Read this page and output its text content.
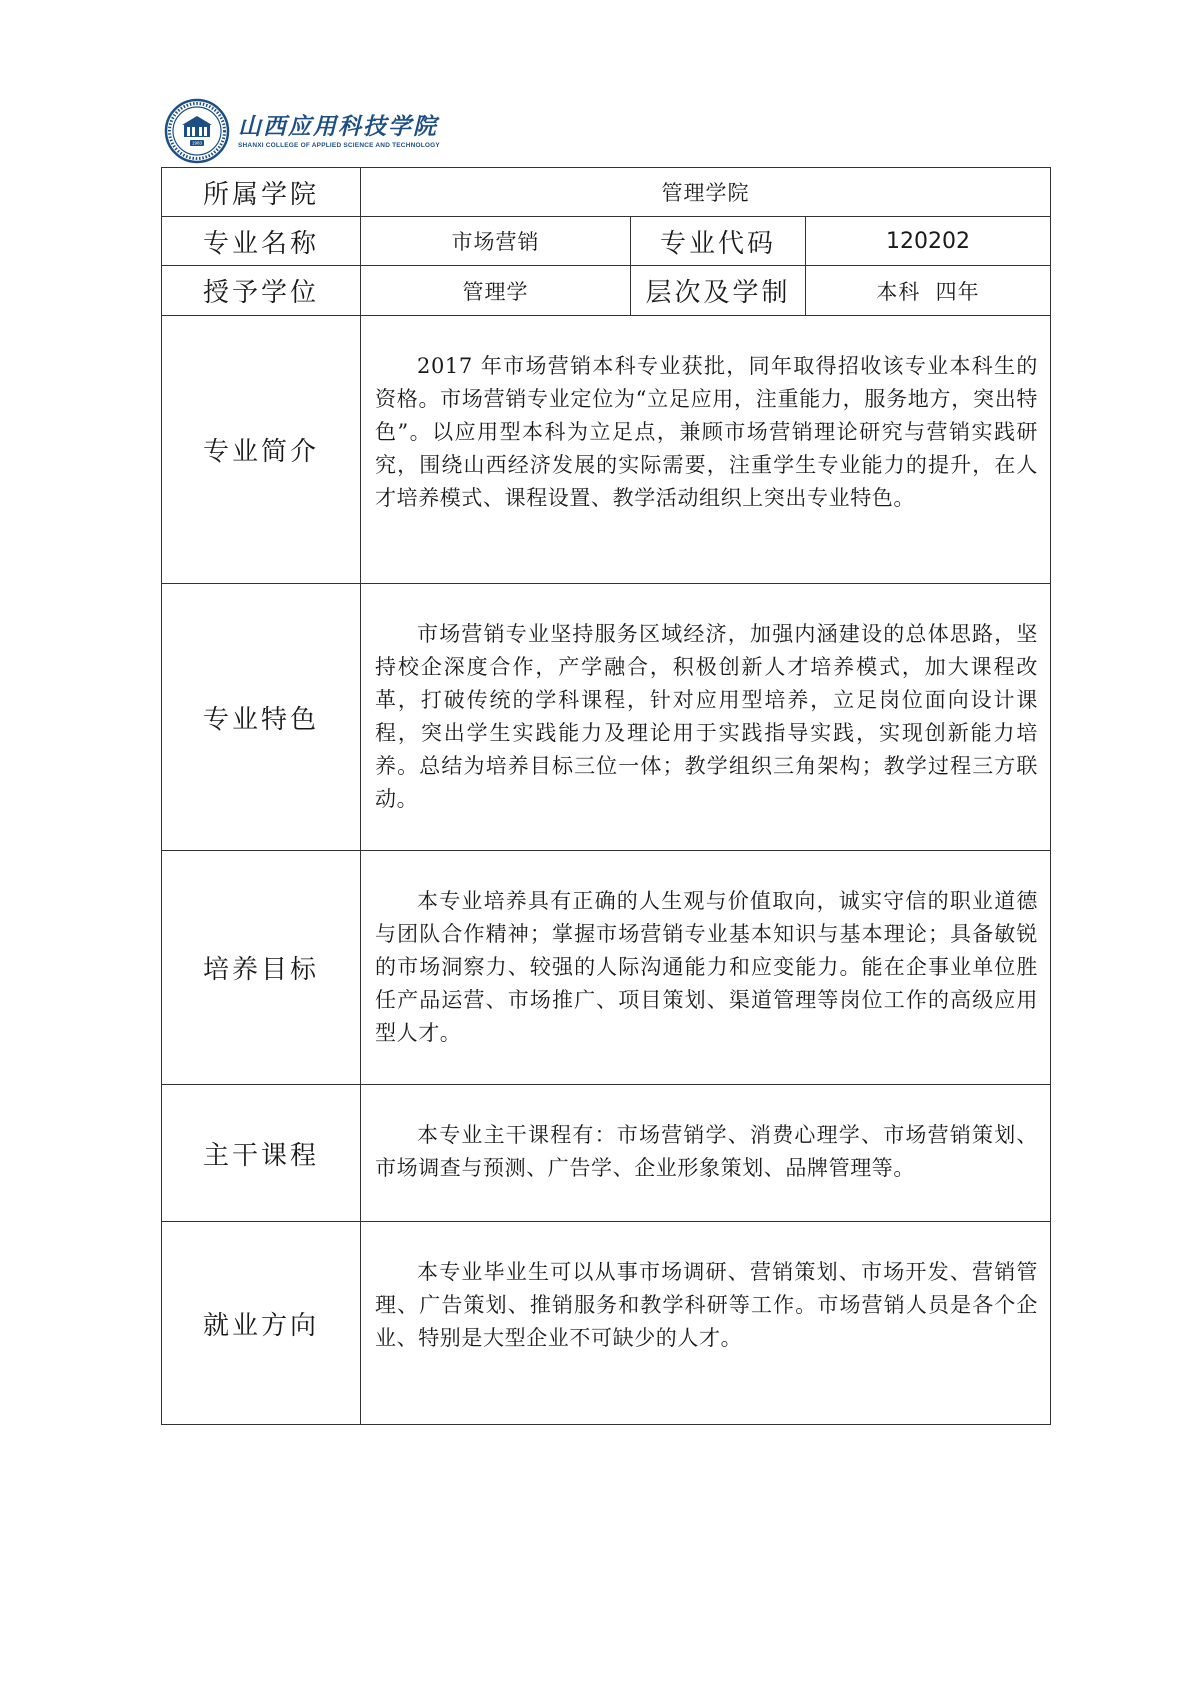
1983
山西应用科技学院
SHANXI COLLEGE OF APPLIED SCIENCE AND TECHNOLOGY
所属学院	管理学院		
专业名称	市场营销	专业代码	120202
授予学位	管理学	层次及学制	本科  四年
专业简介	2017 年市场营销本科专业获批，同年取得招收该专业本科生的资格。市场营销专业定位为“立足应用，注重能力，服务地方，突出特色”。以应用型本科为立足点，兼顾市场营销理论研究与营销实践研究，围绕山西经济发展的实际需要，注重学生专业能力的提升，在人才培养模式、课程设置、教学活动组织上突出专业特色。		

专业特色	市场营销专业坚持服务区域经济，加强内涵建设的总体思路，坚持校企深度合作，产学融合，积极创新人才培养模式，加大课程改革，打破传统的学科课程，针对应用型培养，立足岗位面向设计课程，突出学生实践能力及理论用于实践指导实践，实现创新能力培养。总结为培养目标三位一体；教学组织三角架构；教学过程三方联动。		

培养目标	本专业培养具有正确的人生观与价值取向，诚实守信的职业道德与团队合作精神；掌握市场营销专业基本知识与基本理论；具备敏锐的市场洞察力、较强的人际沟通能力和应变能力。能在企事业单位胜任产品运营、市场推广、项目策划、渠道管理等岗位工作的高级应用型人才。		

主干课程	本专业主干课程有：市场营销学、消费心理学、市场营销策划、市场调查与预测、广告学、企业形象策划、品牌管理等。		

就业方向	本专业毕业生可以从事市场调研、营销策划、市场开发、营销管理、广告策划、推销服务和教学科研等工作。市场营销人员是各个企业、特别是大型企业不可缺少的人才。		
